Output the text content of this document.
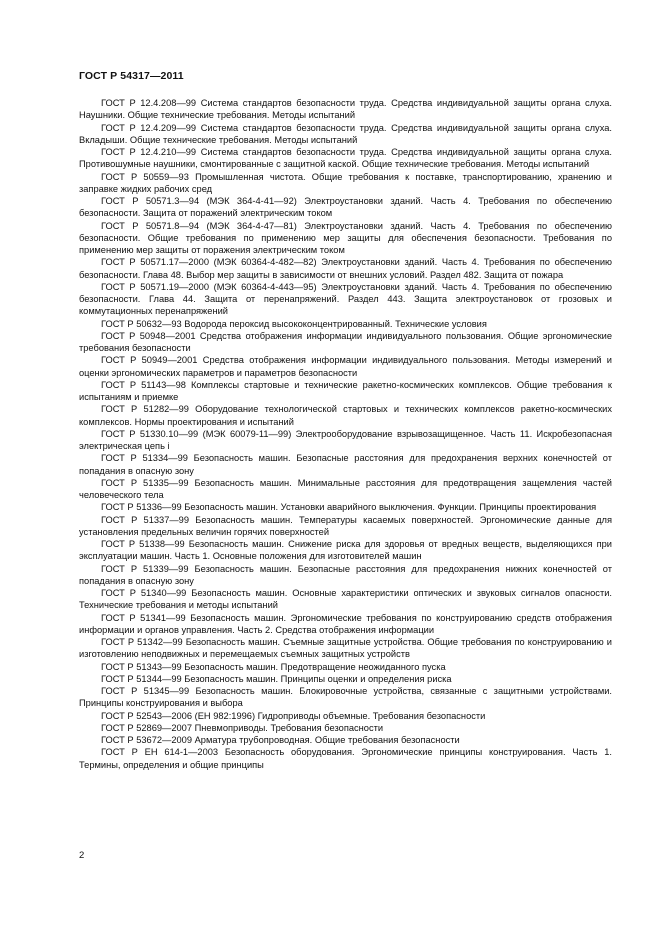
ГОСТ Р 54317—2011

ГОСТ Р 12.4.208—99 Система стандартов безопасности труда. Средства индивидуальной защиты органа слуха. Наушники. Общие технические требования. Методы испытаний

ГОСТ Р 12.4.209—99 Система стандартов безопасности труда. Средства индивидуальной защиты органа слуха. Вкладыши. Общие технические требования. Методы испытаний

ГОСТ Р 12.4.210—99 Система стандартов безопасности труда. Средства индивидуальной защиты органа слуха. Противошумные наушники, смонтированные с защитной каской. Общие технические требования. Методы испытаний

ГОСТ Р 50559—93 Промышленная чистота. Общие требования к поставке, транспортированию, хранению и заправке жидких рабочих сред

ГОСТ Р 50571.3—94 (МЭК 364-4-41—92) Электроустановки зданий. Часть 4. Требования по обеспечению безопасности. Защита от поражений электрическим током

ГОСТ Р 50571.8—94 (МЭК 364-4-47—81) Электроустановки зданий. Часть 4. Требования по обеспечению безопасности. Общие требования по применению мер защиты для обеспечения безопасности. Требования по применению мер защиты от поражения электрическим током

ГОСТ Р 50571.17—2000 (МЭК 60364-4-482—82) Электроустановки зданий. Часть 4. Требования по обеспечению безопасности. Глава 48. Выбор мер защиты в зависимости от внешних условий. Раздел 482. Защита от пожара

ГОСТ Р 50571.19—2000 (МЭК 60364-4-443—95) Электроустановки зданий. Часть 4. Требования по обеспечению безопасности. Глава 44. Защита от перенапряжений. Раздел 443. Защита электроустановок от грозовых и коммутационных перенапряжений

ГОСТ Р 50632—93 Водорода пероксид высококонцентрированный. Технические условия

ГОСТ Р 50948—2001 Средства отображения информации индивидуального пользования. Общие эргономические требования безопасности

ГОСТ Р 50949—2001 Средства отображения информации индивидуального пользования. Методы измерений и оценки эргономических параметров и параметров безопасности

ГОСТ Р 51143—98 Комплексы стартовые и технические ракетно-космических комплексов. Общие требования к испытаниям и приемке

ГОСТ Р 51282—99 Оборудование технологической стартовых и технических комплексов ракетно-космических комплексов. Нормы проектирования и испытаний

ГОСТ Р 51330.10—99 (МЭК 60079-11—99) Электрооборудование взрывозащищенное. Часть 11. Искробезопасная электрическая цепь i

ГОСТ Р 51334—99 Безопасность машин. Безопасные расстояния для предохранения верхних конечностей от попадания в опасную зону

ГОСТ Р 51335—99 Безопасность машин. Минимальные расстояния для предотвращения защемления частей человеческого тела

ГОСТ Р 51336—99 Безопасность машин. Установки аварийного выключения. Функции. Принципы проектирования

ГОСТ Р 51337—99 Безопасность машин. Температуры касаемых поверхностей. Эргономические данные для установления предельных величин горячих поверхностей

ГОСТ Р 51338—99 Безопасность машин. Снижение риска для здоровья от вредных веществ, выделяющихся при эксплуатации машин. Часть 1. Основные положения для изготовителей машин

ГОСТ Р 51339—99 Безопасность машин. Безопасные расстояния для предохранения нижних конечностей от попадания в опасную зону

ГОСТ Р 51340—99 Безопасность машин. Основные характеристики оптических и звуковых сигналов опасности. Технические требования и методы испытаний

ГОСТ Р 51341—99 Безопасность машин. Эргономические требования по конструированию средств отображения информации и органов управления. Часть 2. Средства отображения информации

ГОСТ Р 51342—99 Безопасность машин. Съемные защитные устройства. Общие требования по конструированию и изготовлению неподвижных и перемещаемых съемных защитных устройств

ГОСТ Р 51343—99 Безопасность машин. Предотвращение неожиданного пуска

ГОСТ Р 51344—99 Безопасность машин. Принципы оценки и определения риска

ГОСТ Р 51345—99 Безопасность машин. Блокировочные устройства, связанные с защитными устройствами. Принципы конструирования и выбора

ГОСТ Р 52543—2006 (ЕН 982:1996) Гидроприводы объемные. Требования безопасности

ГОСТ Р 52869—2007 Пневмоприводы. Требования безопасности

ГОСТ Р 53672—2009 Арматура трубопроводная. Общие требования безопасности

ГОСТ Р ЕН 614-1—2003 Безопасность оборудования. Эргономические принципы конструирования. Часть 1. Термины, определения и общие принципы

2
